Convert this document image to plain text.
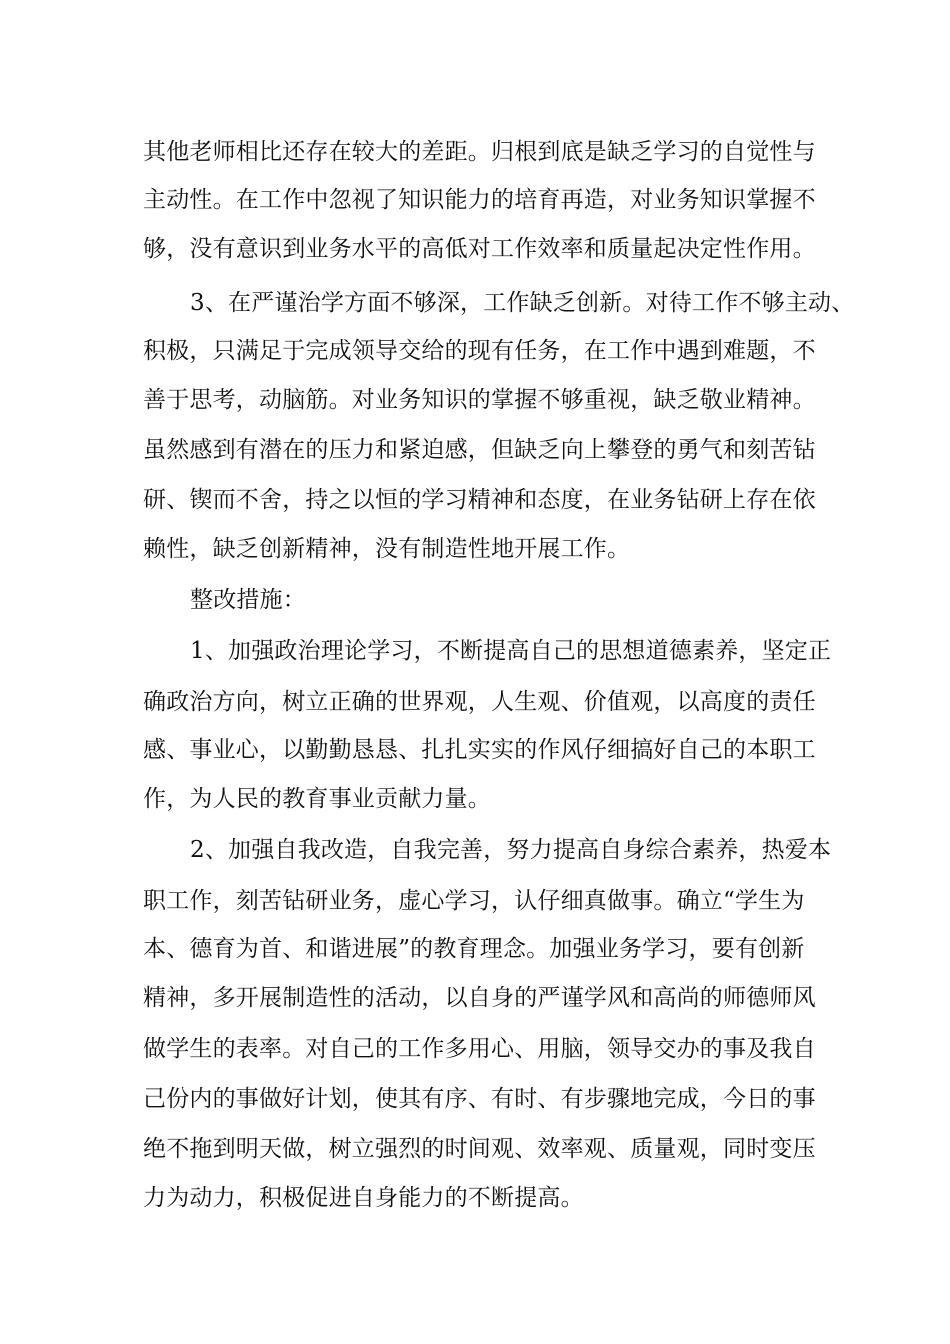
其他老师相比还存在较大的差距。归根到底是缺乏学习的自觉性与
主动性。在工作中忽视了知识能力的培育再造，对业务知识掌握不
够，没有意识到业务水平的高低对工作效率和质量起决定性作用。
3、在严谨治学方面不够深，工作缺乏创新。对待工作不够主动、
积极，只满足于完成领导交给的现有任务，在工作中遇到难题，不
善于思考，动脑筋。对业务知识的掌握不够重视，缺乏敬业精神。
虽然感到有潜在的压力和紧迫感，但缺乏向上攀登的勇气和刻苦钻
研、锲而不舍，持之以恒的学习精神和态度，在业务钻研上存在依
赖性，缺乏创新精神，没有制造性地开展工作。
整改措施：
1、加强政治理论学习，不断提高自己的思想道德素养，坚定正
确政治方向，树立正确的世界观，人生观、价值观，以高度的责任
感、事业心，以勤勤恳恳、扎扎实实的作风仔细搞好自己的本职工
作，为人民的教育事业贡献力量。
2、加强自我改造，自我完善，努力提高自身综合素养，热爱本
职工作，刻苦钻研业务，虚心学习，认仔细真做事。确立“学生为
本、德育为首、和谐进展”的教育理念。加强业务学习，要有创新
精神，多开展制造性的活动，以自身的严谨学风和高尚的师德师风
做学生的表率。对自己的工作多用心、用脑，领导交办的事及我自
己份内的事做好计划，使其有序、有时、有步骤地完成，今日的事
绝不拖到明天做，树立强烈的时间观、效率观、质量观，同时变压
力为动力，积极促进自身能力的不断提高。
